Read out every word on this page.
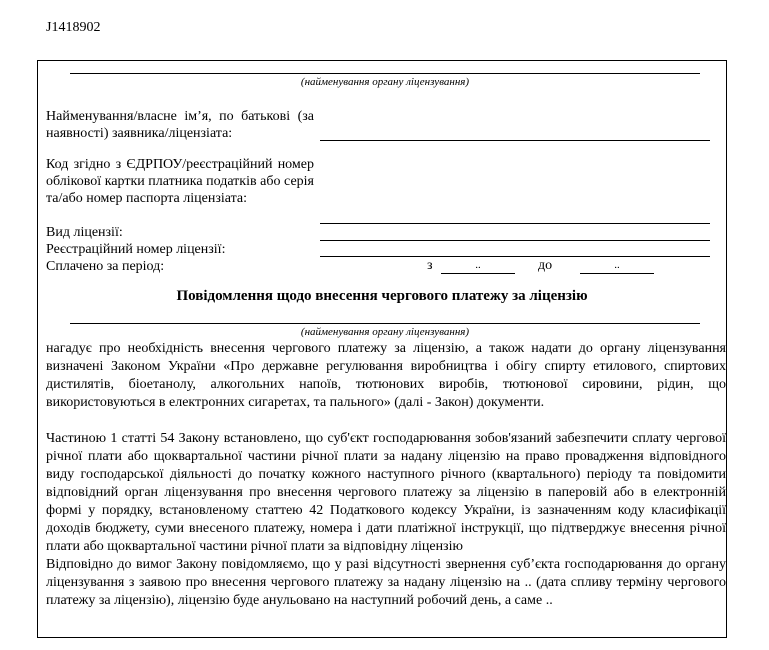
J1418902
(найменування органу ліцензування)
Найменування/власне ім’я, по батькові (за наявності) заявника/ліцензіата:
Код згідно з ЄДРПОУ/реєстраційний номер облікової картки платника податків або серія та/або номер паспорта ліцензіата:
Вид ліцензії:
Реєстраційний номер ліцензії:
Сплачено за період:	з	..	до	..
Повідомлення щодо внесення чергового платежу за ліцензію
(найменування органу ліцензування)
нагадує про необхідність внесення чергового платежу за ліцензію, а також надати до органу ліцензування визначені Законом України «Про державне регулювання виробництва і обігу спирту етилового, спиртових дистилятів, біоетанолу, алкогольних напоїв, тютюнових виробів, тютюнової сировини, рідин, що використовуються в електронних сигаретах, та пального» (далі - Закон) документи.
Частиною 1 статті 54 Закону встановлено, що суб'єкт господарювання зобов'язаний забезпечити сплату чергової річної плати або щоквартальної частини річної плати за надану ліцензію на право провадження відповідного виду господарської діяльності до початку кожного наступного річного (квартального) періоду та повідомити відповідний орган ліцензування про внесення чергового платежу за ліцензію в паперовій або в електронній формі у порядку, встановленому статтею 42 Податкового кодексу України, із зазначенням коду класифікації доходів бюджету, суми внесеного платежу, номера і дати платіжної інструкції, що підтверджує внесення річної плати або щоквартальної частини річної плати за відповідну ліцензію
Відповідно до вимог Закону повідомляємо, що у разі відсутності звернення суб’єкта господарювання до органу ліцензування з заявою про внесення чергового платежу за надану ліцензію на .. (дата спливу терміну чергового платежу за ліцензію), ліцензію буде анульовано на наступний робочий день, а саме ..
